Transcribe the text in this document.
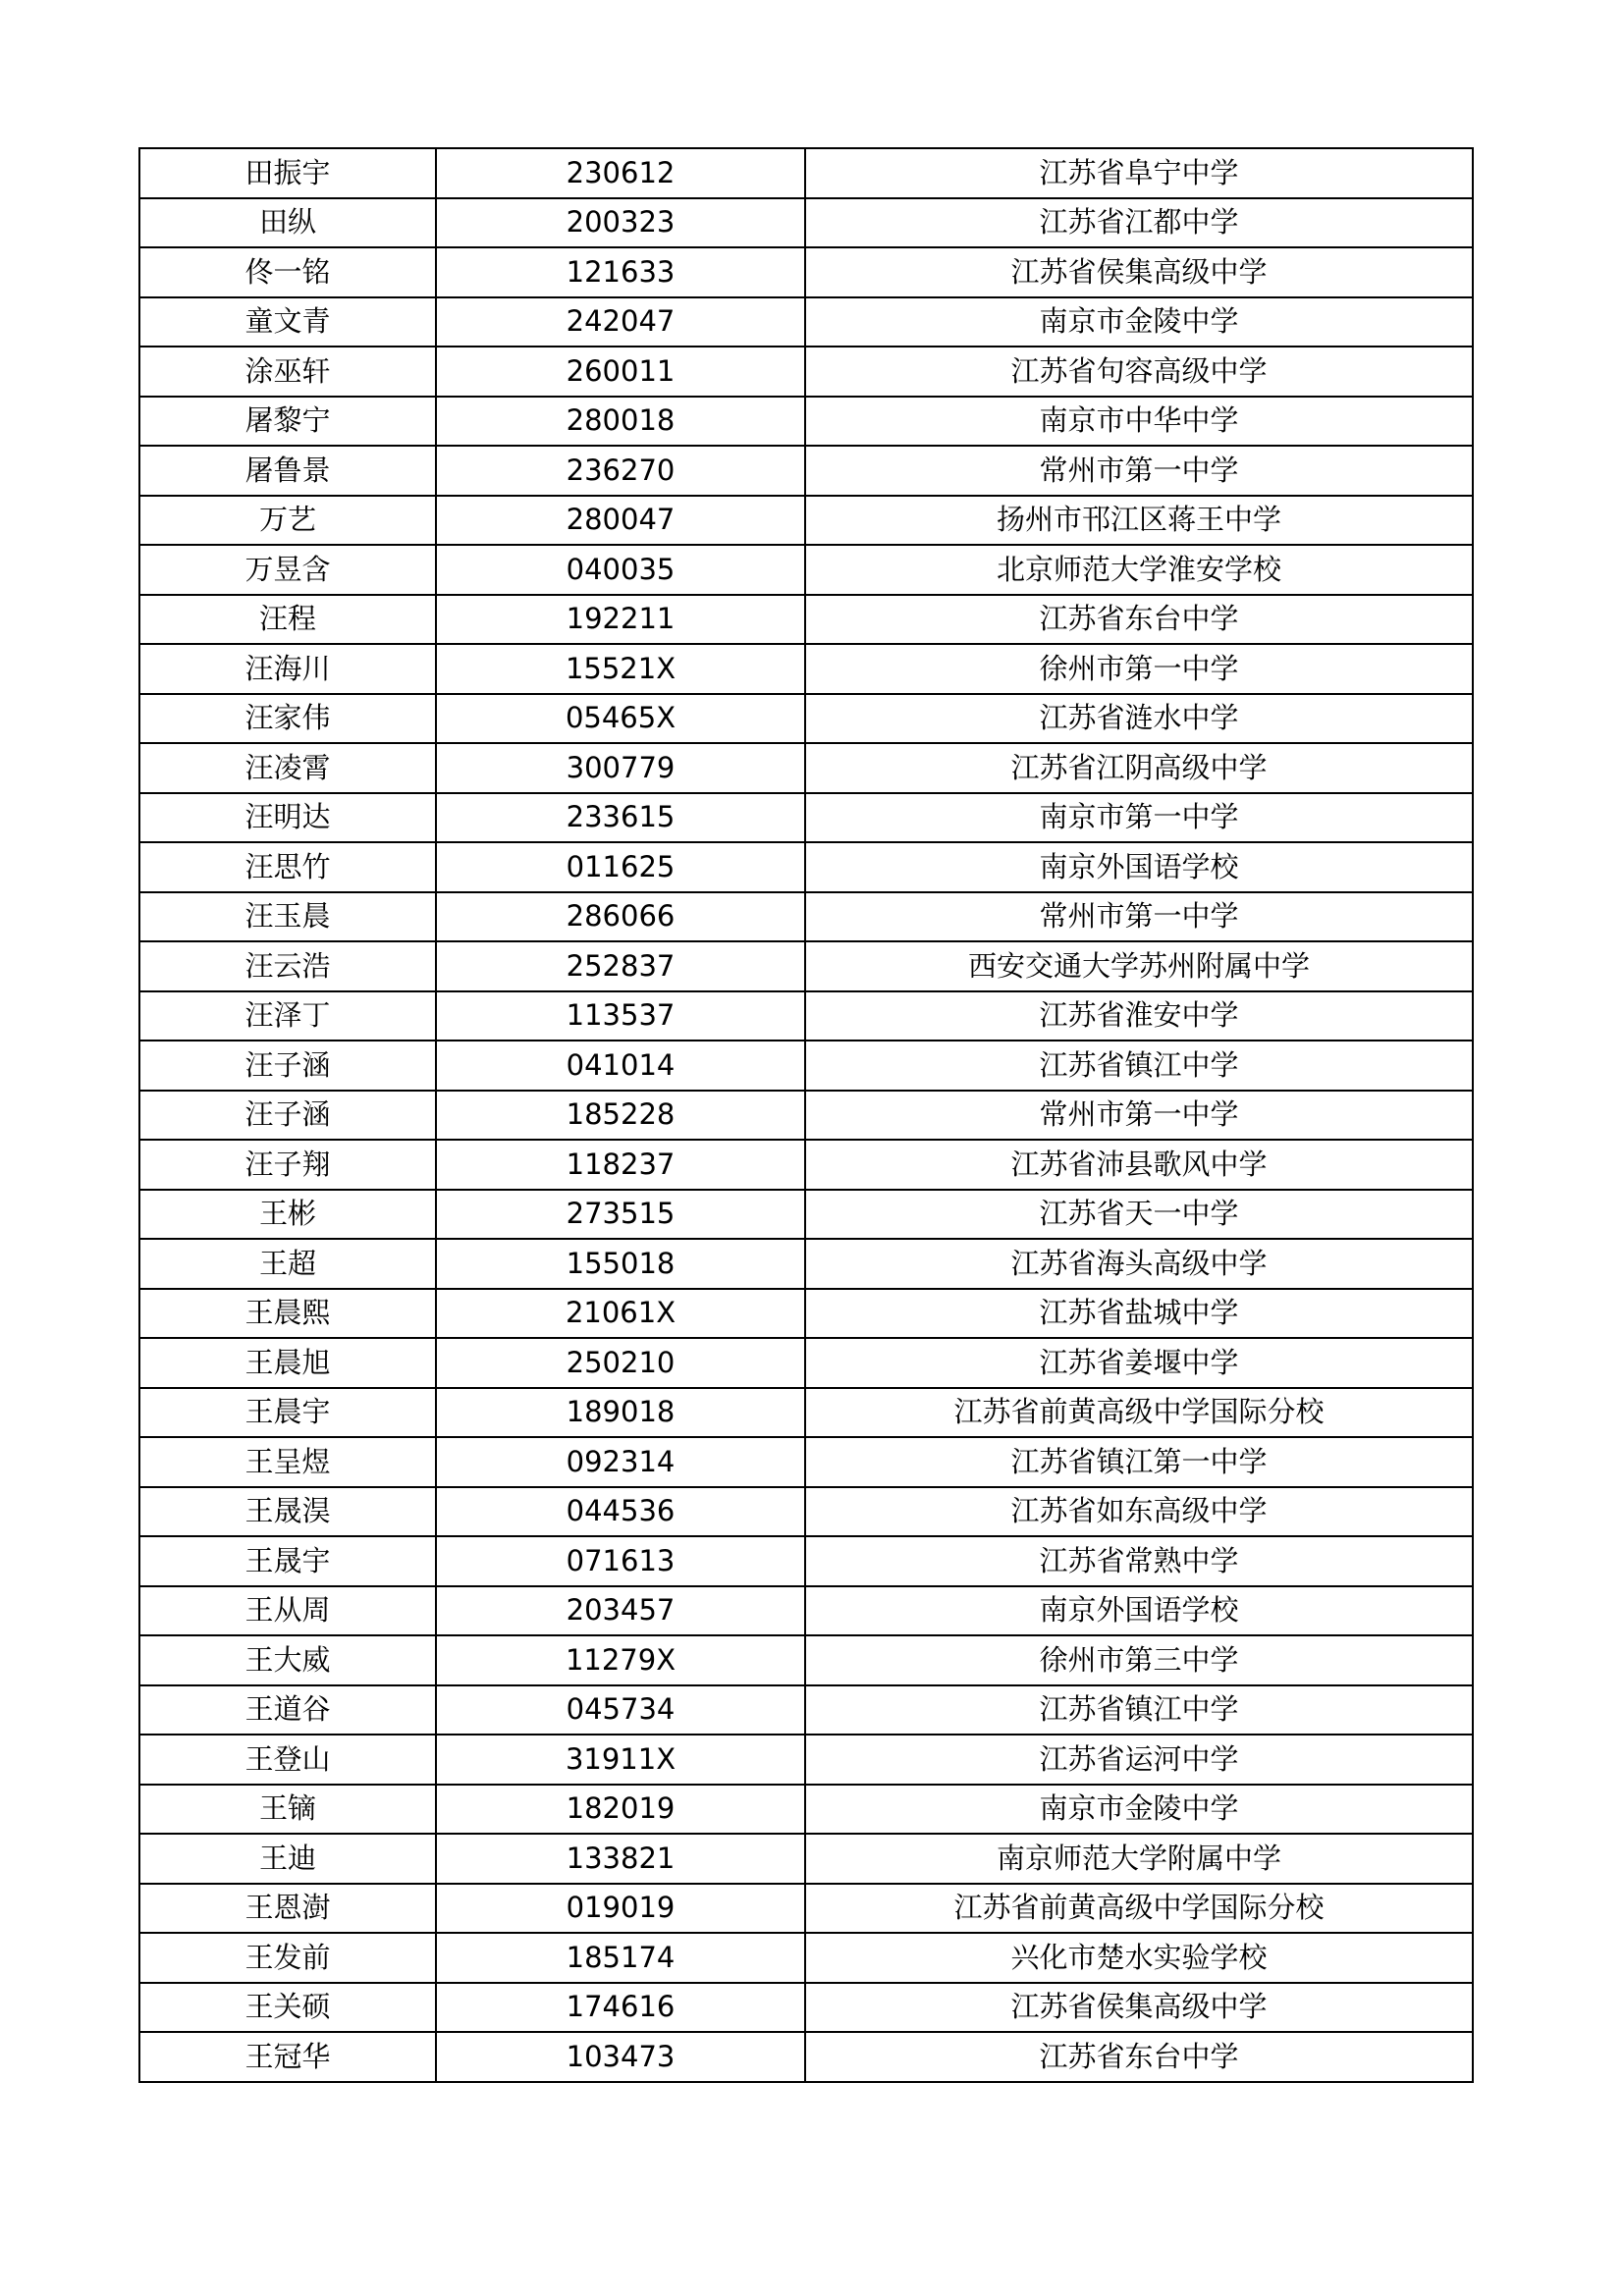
田振宇	230612	江苏省阜宁中学
田纵	200323	江苏省江都中学
佟一铭	121633	江苏省侯集高级中学
童文青	242047	南京市金陵中学
涂巫轩	260011	江苏省句容高级中学
屠黎宁	280018	南京市中华中学
屠鲁景	236270	常州市第一中学
万艺	280047	扬州市邗江区蒋王中学
万昱含	040035	北京师范大学淮安学校
汪程	192211	江苏省东台中学
汪海川	15521X	徐州市第一中学
汪家伟	05465X	江苏省涟水中学
汪凌霄	300779	江苏省江阴高级中学
汪明达	233615	南京市第一中学
汪思竹	011625	南京外国语学校
汪玉晨	286066	常州市第一中学
汪云浩	252837	西安交通大学苏州附属中学
汪泽丁	113537	江苏省淮安中学
汪子涵	041014	江苏省镇江中学
汪子涵	185228	常州市第一中学
汪子翔	118237	江苏省沛县歌风中学
王彬	273515	江苏省天一中学
王超	155018	江苏省海头高级中学
王晨熙	21061X	江苏省盐城中学
王晨旭	250210	江苏省姜堰中学
王晨宇	189018	江苏省前黄高级中学国际分校
王呈煜	092314	江苏省镇江第一中学
王晟淏	044536	江苏省如东高级中学
王晟宇	071613	江苏省常熟中学
王从周	203457	南京外国语学校
王大威	11279X	徐州市第三中学
王道谷	045734	江苏省镇江中学
王登山	31911X	江苏省运河中学
王镝	182019	南京市金陵中学
王迪	133821	南京师范大学附属中学
王恩澍	019019	江苏省前黄高级中学国际分校
王发前	185174	兴化市楚水实验学校
王关硕	174616	江苏省侯集高级中学
王冠华	103473	江苏省东台中学
